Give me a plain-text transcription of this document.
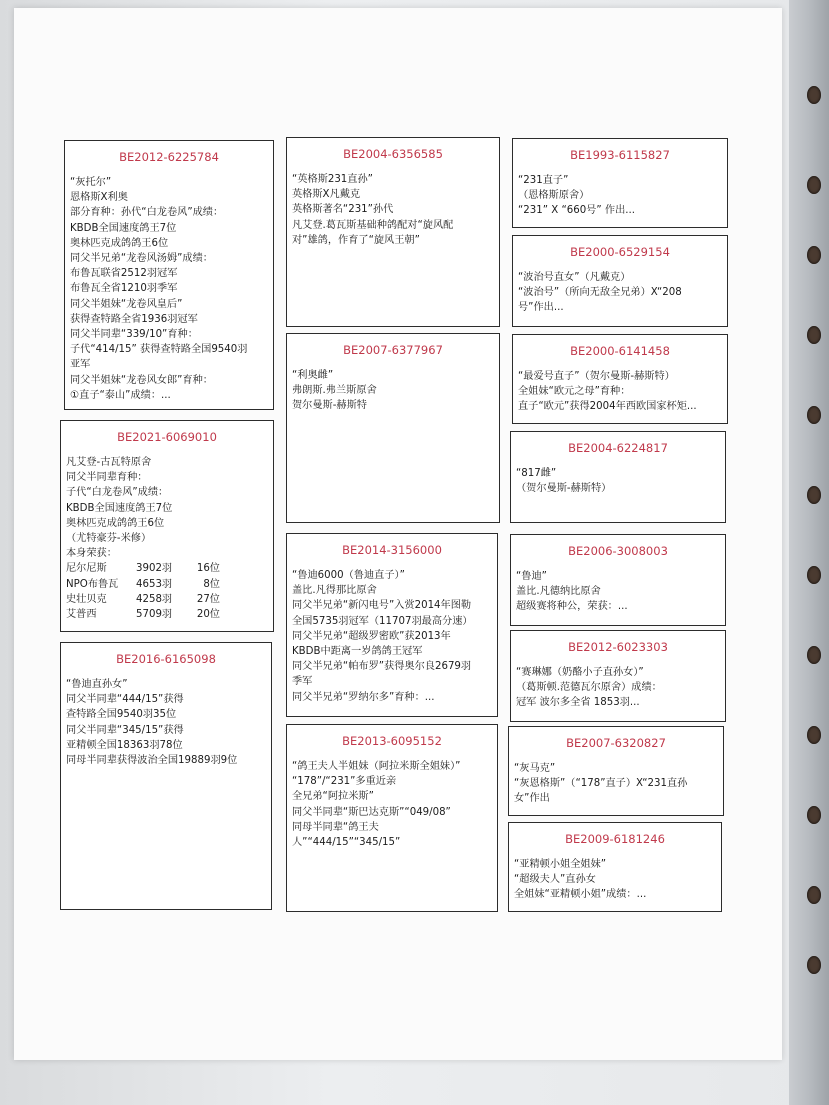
BE2012-6225784
“灰托尔”
恩格斯X利奥
部分育种：孙代“白龙卷风”成绩：
KBDB全国速度鸽王7位
奥林匹克成鸽鸽王6位
同父半兄弟“龙卷风汤姆”成绩：
布鲁瓦联省2512羽冠军
布鲁瓦全省1210羽季军
同父半姐妹“龙卷风皇后”
获得查特路全省1936羽冠军
同父半同辈“339/10”育种：
子代“414/15” 获得查特路全国9540羽
亚军
同父半姐妹“龙卷风女郎”育种：
①直子“泰山”成绩：...
BE2021-6069010
凡艾登-古瓦特原舍
同父半同辈育种：
子代“白龙卷风”成绩：
KBDB全国速度鸽王7位
奥林匹克成鸽鸽王6位
（尤特豪芬-米修）
本身荣获：
尼尔尼斯	3902羽	16位
NPO布鲁瓦	4653羽	8位
史壮贝克	4258羽	27位
艾普西	5709羽	20位
BE2016-6165098
“鲁迪直孙女”
同父半同辈“444/15”获得
查特路全国9540羽35位
同父半同辈“345/15”获得
亚精顿全国18363羽78位
同母半同辈获得波治全国19889羽9位
BE2004-6356585
“英格斯231直孙”
英格斯X凡戴克
英格斯著名“231”孙代
凡艾登.葛瓦斯基础种鸽配对“旋风配
对”雄鸽，作育了“旋风王朝”
BE2007-6377967
“利奥雌”
弗朗斯.弗兰斯原舍
贺尔曼斯-赫斯特
BE2014-3156000
“鲁迪6000（鲁迪直子）”
盖比.凡得那比原舍
同父半兄弟“新闪电号”入赏2014年图勒
全国5735羽冠军（11707羽最高分速）
同父半兄弟“超级罗密欧”获2013年
KBDB中距离一岁鸽鸽王冠军
同父半兄弟“帕布罗”获得奥尔良2679羽
季军
同父半兄弟“罗纳尔多”育种：...
BE2013-6095152
“鸽王夫人半姐妹（阿拉米斯全姐妹）”
“178”/“231”多重近亲
全兄弟“阿拉米斯”
同父半同辈“斯巴达克斯”“049/08”
同母半同辈“鸽王夫
人”“444/15”“345/15”
BE1993-6115827
“231直子”
（恩格斯原舍）
“231” X “660号” 作出...
BE2000-6529154
“波治号直女”（凡戴克）
“波治号”（所向无敌全兄弟）X“208
号”作出...
BE2000-6141458
“最爱号直子”（贺尔曼斯-赫斯特）
全姐妹“欧元之母”育种：
直子“欧元”获得2004年西欧国家杯矩...
BE2004-6224817
“817雌”
（贺尔曼斯-赫斯特）
BE2006-3008003
“鲁迪”
盖比.凡德纳比原舍
超级赛将种公，荣获：...
BE2012-6023303
“赛琳娜（奶酪小子直孙女）”
（葛斯顿.范德瓦尔原舍）成绩：
冠军 波尔多全省 1853羽...
BE2007-6320827
“灰马克”
“灰恩格斯”（“178”直子）X“231直孙
女”作出
BE2009-6181246
“亚精顿小姐全姐妹”
“超级夫人”直孙女
全姐妹“亚精顿小姐”成绩：...
